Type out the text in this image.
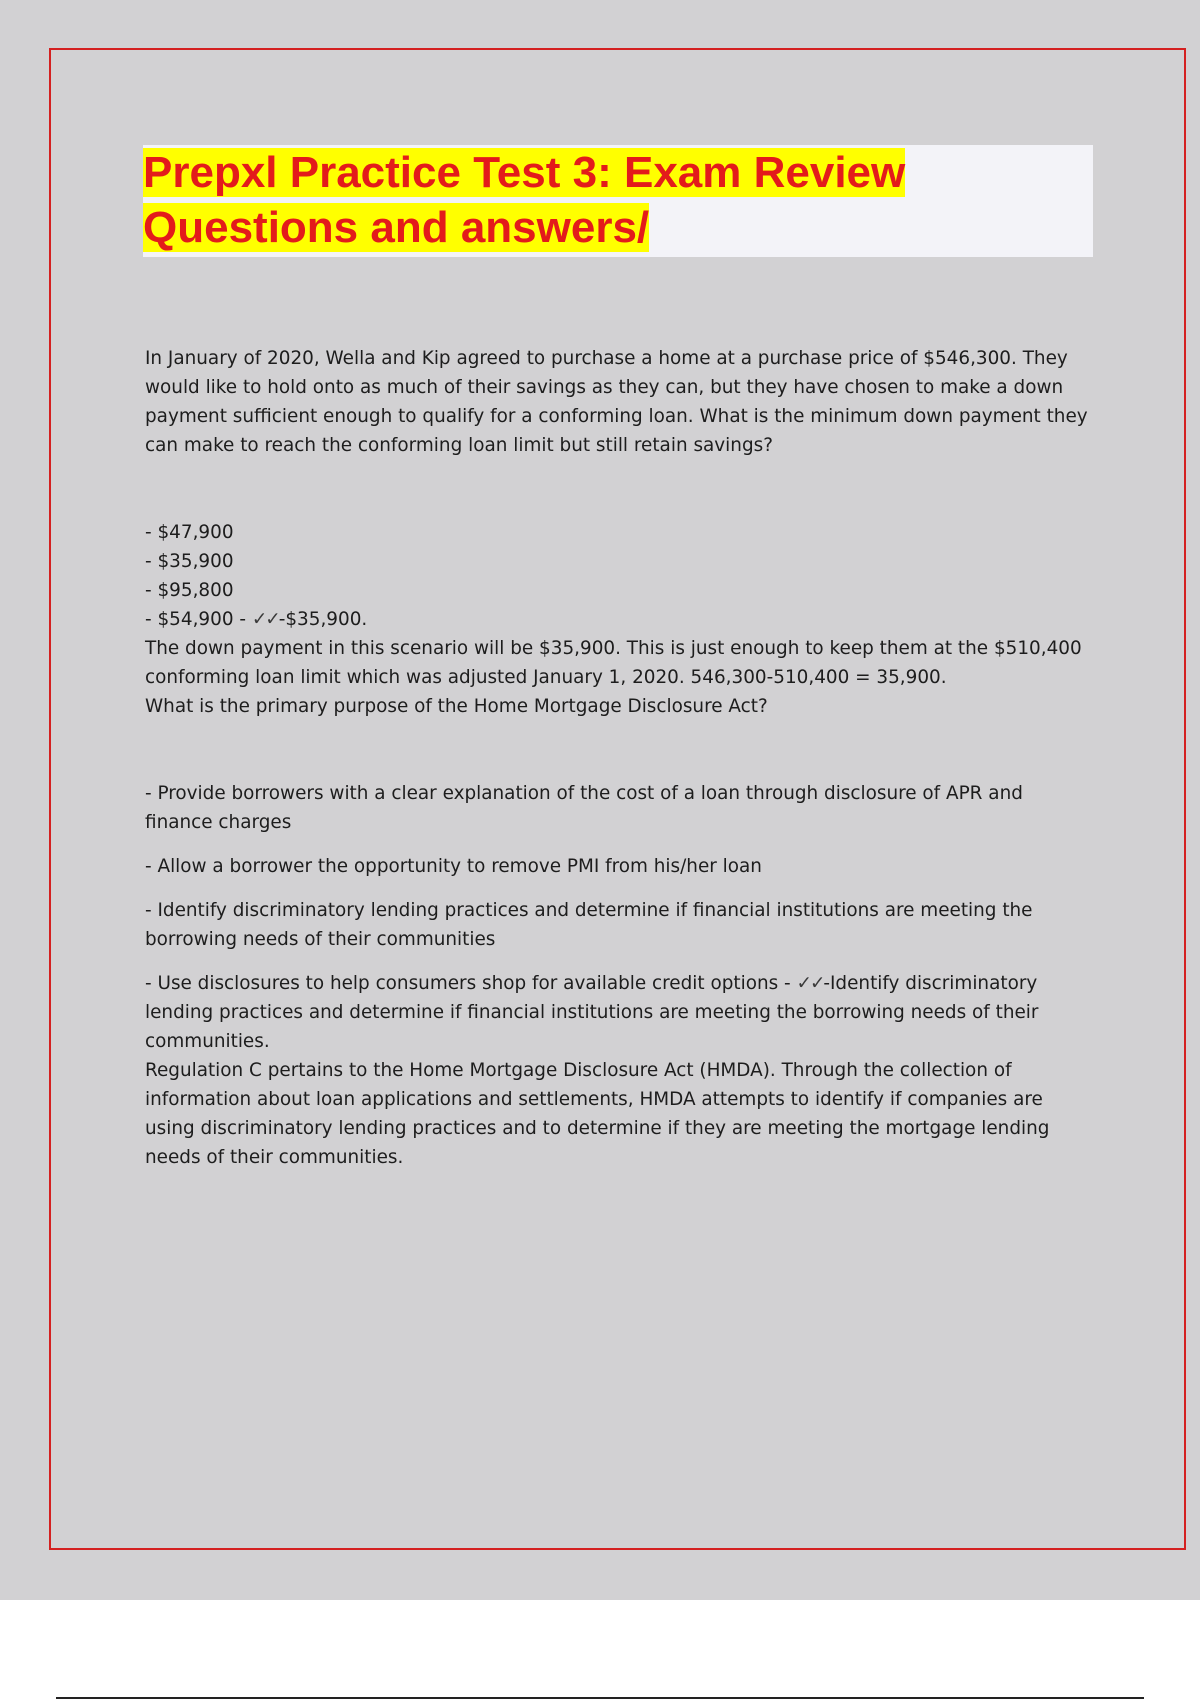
Prepxl Practice Test 3: Exam Review
Questions and answers/

In January of 2020, Wella and Kip agreed to purchase a home at a purchase price of $546,300. They would like to hold onto as much of their savings as they can, but they have chosen to make a down payment sufficient enough to qualify for a conforming loan. What is the minimum down payment they can make to reach the conforming loan limit but still retain savings?

- $47,900

- $35,900

- $95,800

- $54,900 - ✓✓-$35,900.

The down payment in this scenario will be $35,900. This is just enough to keep them at the $510,400 conforming loan limit which was adjusted January 1, 2020. 546,300-510,400 = 35,900.

What is the primary purpose of the Home Mortgage Disclosure Act?

- Provide borrowers with a clear explanation of the cost of a loan through disclosure of APR and finance charges

- Allow a borrower the opportunity to remove PMI from his/her loan

- Identify discriminatory lending practices and determine if financial institutions are meeting the borrowing needs of their communities

- Use disclosures to help consumers shop for available credit options - ✓✓-Identify discriminatory lending practices and determine if financial institutions are meeting the borrowing needs of their communities.

Regulation C pertains to the Home Mortgage Disclosure Act (HMDA). Through the collection of information about loan applications and settlements, HMDA attempts to identify if companies are using discriminatory lending practices and to determine if they are meeting the mortgage lending needs of their communities.
